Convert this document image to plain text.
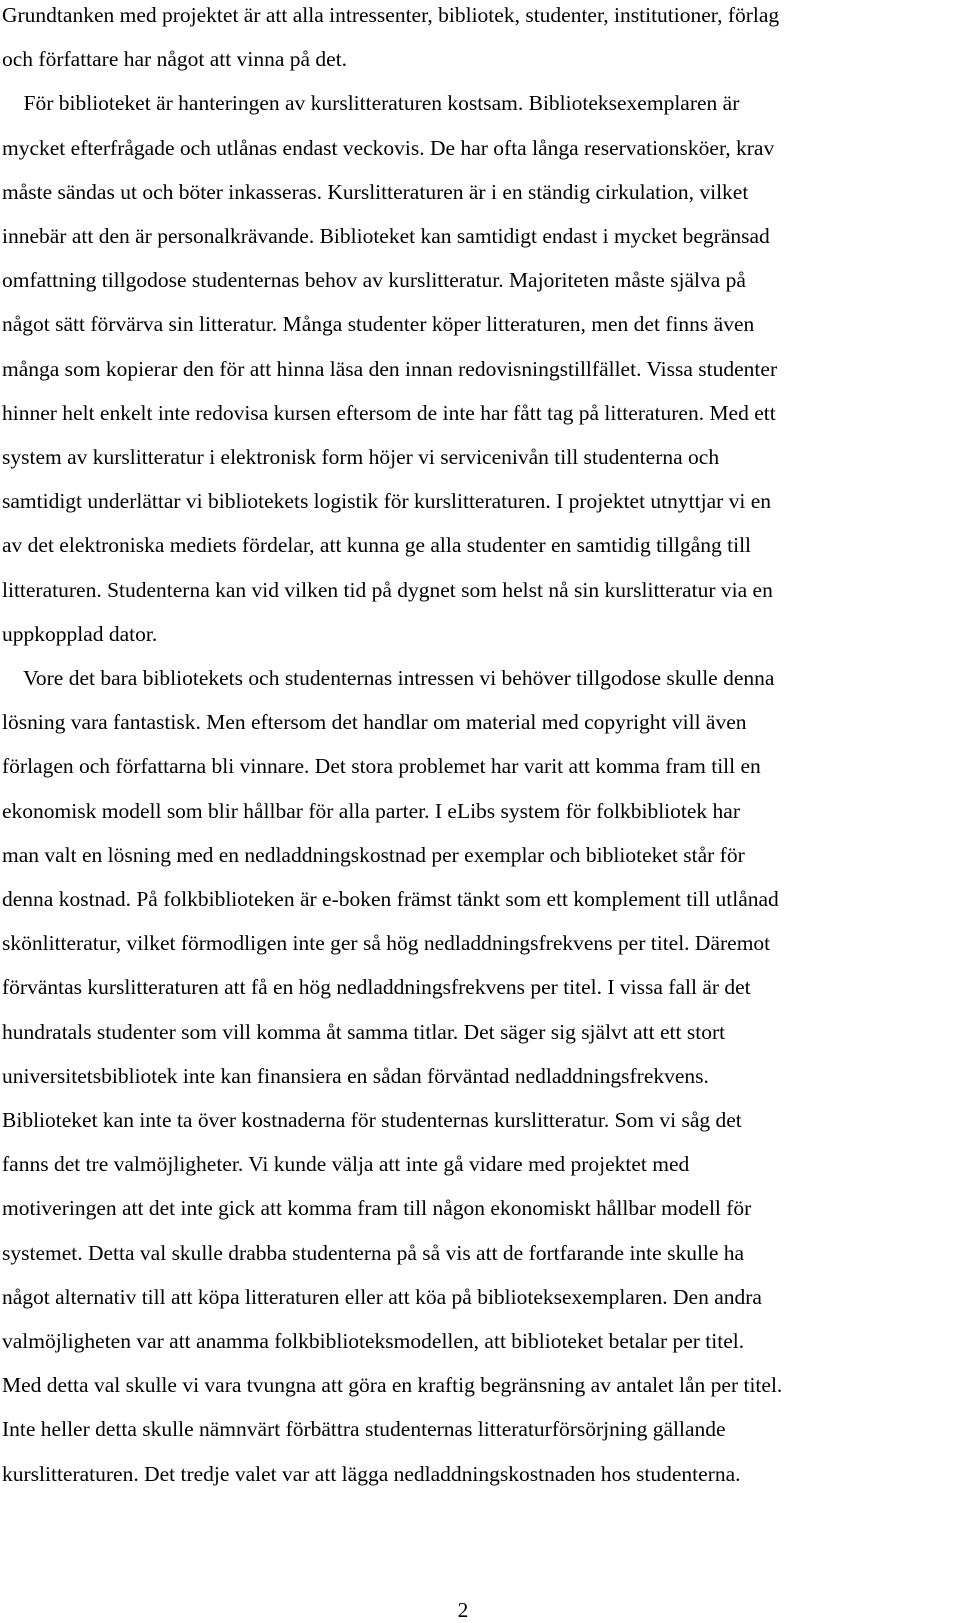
Grundtanken med projektet är att alla intressenter, bibliotek, studenter, institutioner, förlag
och författare har något att vinna på det.
För biblioteket är hanteringen av kurslitteraturen kostsam. Biblioteksexemplaren är
mycket efterfrågade och utlånas endast veckovis. De har ofta långa reservationsköer, krav
måste sändas ut och böter inkasseras. Kurslitteraturen är i en ständig cirkulation, vilket
innebär att den är personalkrävande. Biblioteket kan samtidigt endast i mycket begränsad
omfattning tillgodose studenternas behov av kurslitteratur. Majoriteten måste själva på
något sätt förvärva sin litteratur. Många studenter köper litteraturen, men det finns även
många som kopierar den för att hinna läsa den innan redovisningstillfället. Vissa studenter
hinner helt enkelt inte redovisa kursen eftersom de inte har fått tag på litteraturen. Med ett
system av kurslitteratur i elektronisk form höjer vi servicenivån till studenterna och
samtidigt underlättar vi bibliotekets logistik för kurslitteraturen. I projektet utnyttjar vi en
av det elektroniska mediets fördelar, att kunna ge alla studenter en samtidig tillgång till
litteraturen. Studenterna kan vid vilken tid på dygnet som helst nå sin kurslitteratur via en
uppkopplad dator.
Vore det bara bibliotekets och studenternas intressen vi behöver tillgodose skulle denna
lösning vara fantastisk. Men eftersom det handlar om material med copyright vill även
förlagen och författarna bli vinnare. Det stora problemet har varit att komma fram till en
ekonomisk modell som blir hållbar för alla parter. I eLibs system för folkbibliotek har
man valt en lösning med en nedladdningskostnad per exemplar och biblioteket står för
denna kostnad. På folkbiblioteken är e-boken främst tänkt som ett komplement till utlånad
skönlitteratur, vilket förmodligen inte ger så hög nedladdningsfrekvens per titel. Däremot
förväntas kurslitteraturen att få en hög nedladdningsfrekvens per titel. I vissa fall är det
hundratals studenter som vill komma åt samma titlar. Det säger sig självt att ett stort
universitetsbibliotek inte kan finansiera en sådan förväntad nedladdningsfrekvens.
Biblioteket kan inte ta över kostnaderna för studenternas kurslitteratur. Som vi såg det
fanns det tre valmöjligheter. Vi kunde välja att inte gå vidare med projektet med
motiveringen att det inte gick att komma fram till någon ekonomiskt hållbar modell för
systemet. Detta val skulle drabba studenterna på så vis att de fortfarande inte skulle ha
något alternativ till att köpa litteraturen eller att köa på biblioteksexemplaren. Den andra
valmöjligheten var att anamma folkbiblioteksmodellen, att biblioteket betalar per titel.
Med detta val skulle vi vara tvungna att göra en kraftig begränsning av antalet lån per titel.
Inte heller detta skulle nämnvärt förbättra studenternas litteraturförsörjning gällande
kurslitteraturen. Det tredje valet var att lägga nedladdningskostnaden hos studenterna.
2
